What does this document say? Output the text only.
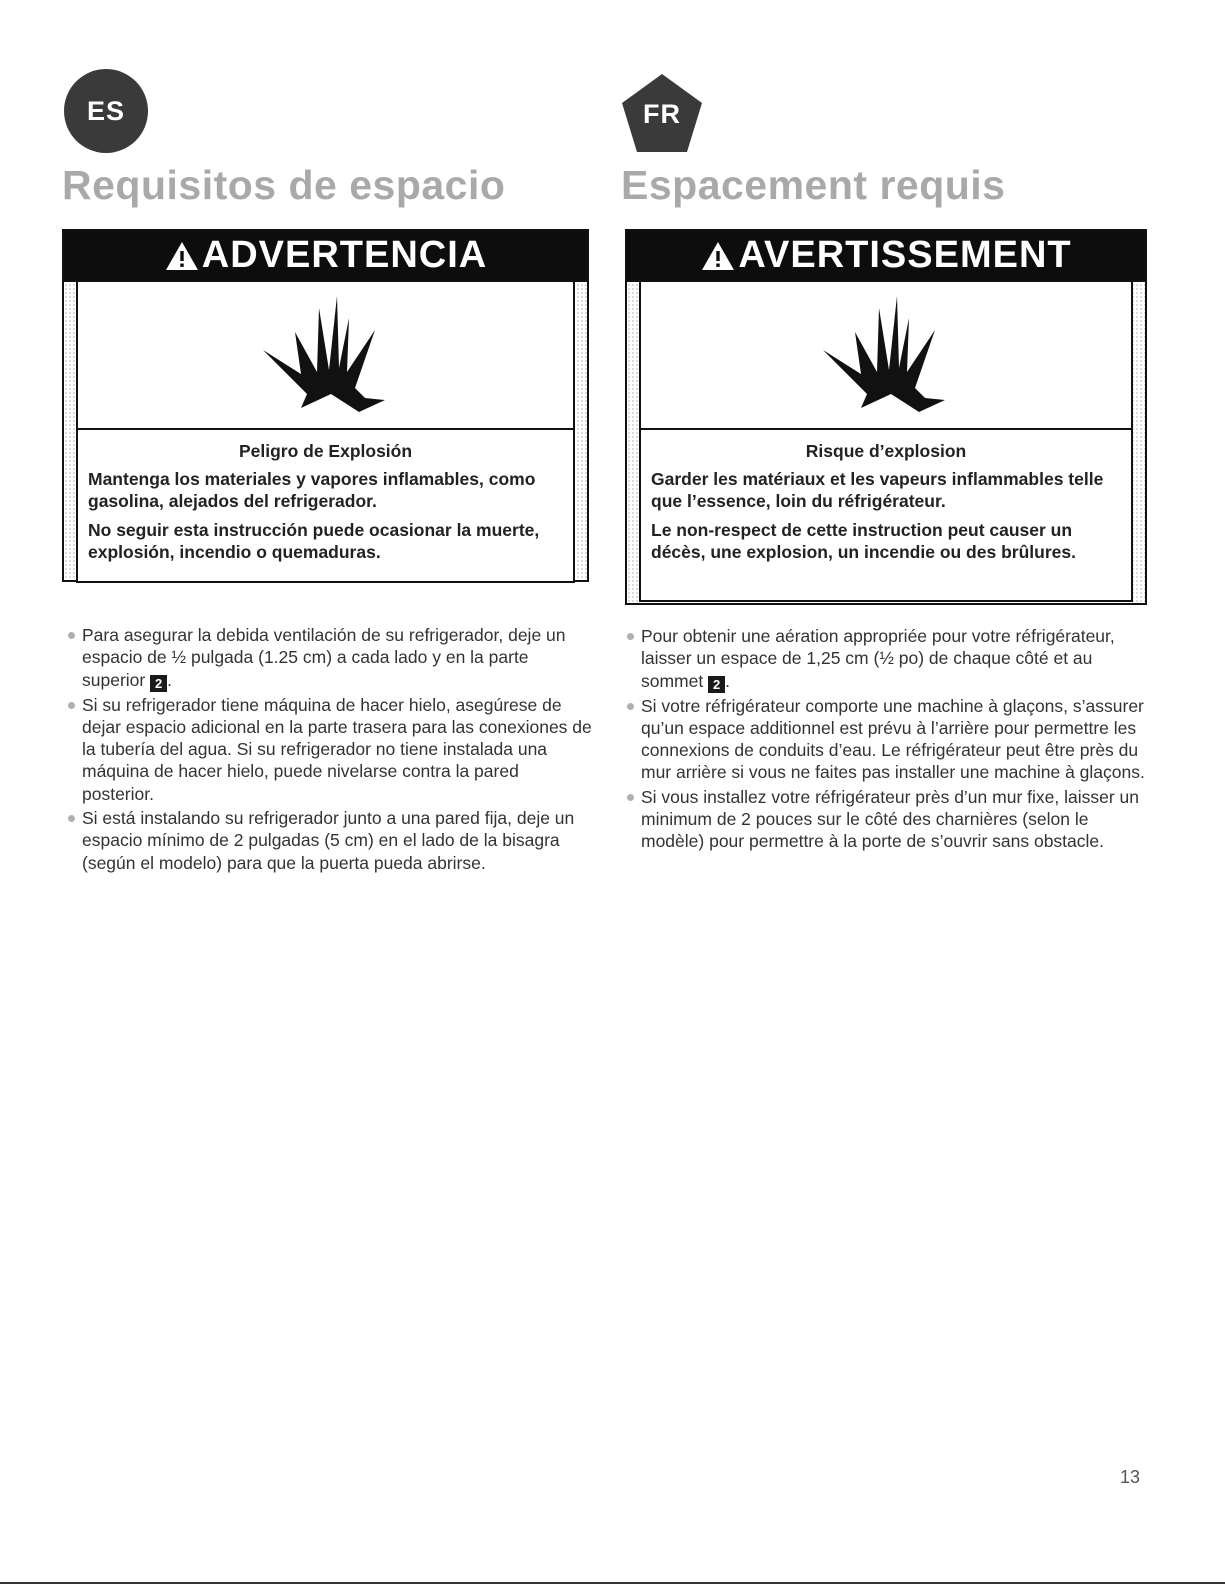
ES
Requisitos de espacio
ADVERTENCIA
Peligro de Explosión

Mantenga los materiales y vapores inflamables, como gasolina, alejados del refrigerador.

No seguir esta instrucción puede ocasionar la muerte, explosión, incendio o quemaduras.

Para asegurar la debida ventilación de su refrigerador, deje un espacio de ½ pulgada (1.25 cm) a cada lado y en la parte superior 2 .
Si su refrigerador tiene máquina de hacer hielo, asegúrese de dejar espacio adicional en la parte trasera para las conexiones de la tubería del agua. Si su refrigerador no tiene instalada una máquina de hacer hielo, puede nivelarse contra la pared posterior.
Si está instalando su refrigerador junto a una pared fija, deje un espacio mínimo de 2 pulgadas (5 cm) en el lado de la bisagra (según el modelo) para que la puerta pueda abrirse.
FR
Espacement requis
AVERTISSEMENT
Risque d’explosion

Garder les matériaux et les vapeurs inflammables telle que l’essence, loin du réfrigérateur.

Le non-respect de cette instruction peut causer un décès, une explosion, un incendie ou des brûlures.

Pour obtenir une aération appropriée pour votre réfrigérateur, laisser un espace de 1,25 cm (½ po) de chaque côté et au sommet 2 .
Si votre réfrigérateur comporte une machine à glaçons, s’assurer qu’un espace additionnel est prévu à l’arrière pour permettre les connexions de conduits d’eau. Le réfrigérateur peut être près du mur arrière si vous ne faites pas installer une machine à glaçons.
Si vous installez votre réfrigérateur près d’un mur fixe, laisser un minimum de 2 pouces sur le côté des charnières (selon le modèle) pour permettre à la porte de s’ouvrir sans obstacle.
13
